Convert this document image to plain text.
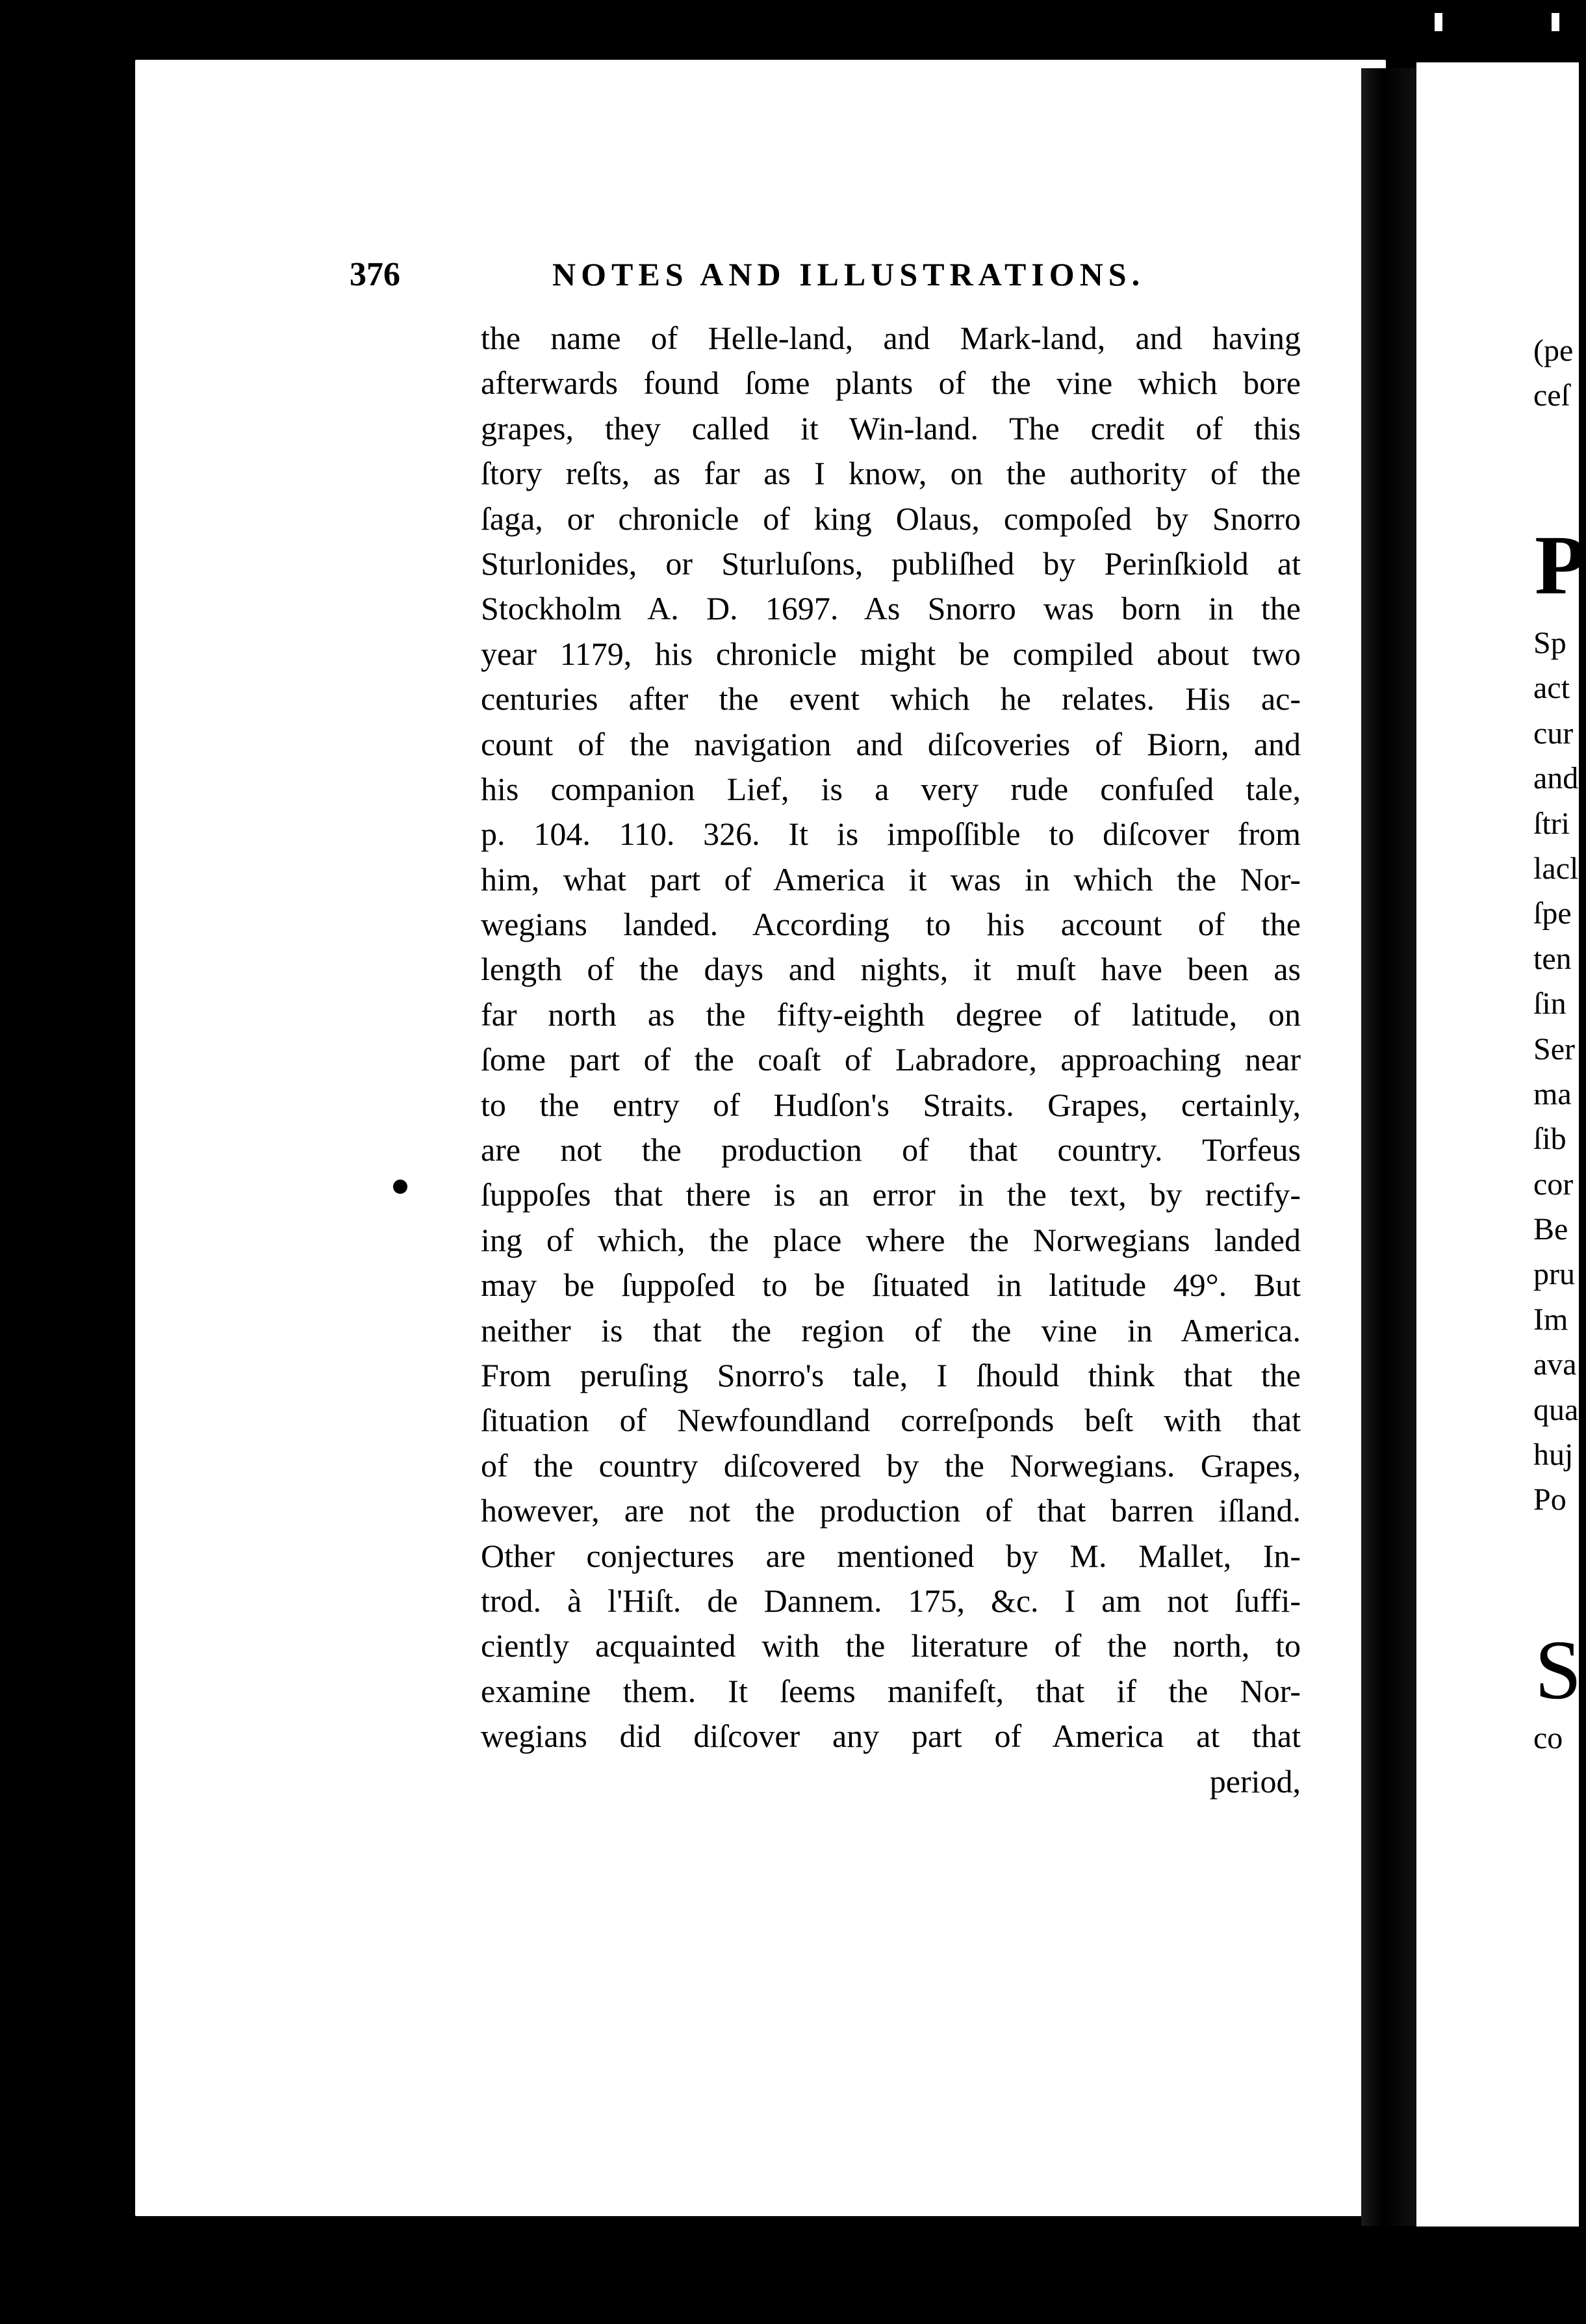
376	NOTES AND ILLUSTRATIONS.
the name of Helle-land, and Mark-land, and having
afterwards found ſome plants of the vine which bore
grapes, they called it Win-land. The credit of this
ſtory reſts, as far as I know, on the authority of the
ſaga, or chronicle of king Olaus, compoſed by Snorro
Sturlonides, or Sturluſons, publiſhed by Perinſkiold at
Stockholm A. D. 1697. As Snorro was born in the
year 1179, his chronicle might be compiled about two
centuries after the event which he relates. His ac-
count of the navigation and diſcoveries of Biorn, and
his companion Lief, is a very rude confuſed tale,
p. 104. 110. 326. It is impoſſible to diſcover from
him, what part of America it was in which the Nor-
wegians landed. According to his account of the
length of the days and nights, it muſt have been as
far north as the fifty-eighth degree of latitude, on
ſome part of the coaſt of Labradore, approaching near
to the entry of Hudſon's Straits. Grapes, certainly,
are not the production of that country. Torfeus
ſuppoſes that there is an error in the text, by rectify-
ing of which, the place where the Norwegians landed
may be ſuppoſed to be ſituated in latitude 49°. But
neither is that the region of the vine in America.
From peruſing Snorro's tale, I ſhould think that the
ſituation of Newfoundland correſponds beſt with that
of the country diſcovered by the Norwegians. Grapes,
however, are not the production of that barren iſland.
Other conjectures are mentioned by M. Mallet, In-
trod. à l'Hiſt. de Dannem. 175, &c. I am not ſuffi-
ciently acquainted with the literature of the north, to
examine them. It ſeems manifeſt, that if the Nor-
wegians did diſcover any part of America at that
period,
(pe
ceſ
P
Sp
act
cur
and
ſtri
lacl
ſpe
ten
ſin
Ser
ma
ſib
cor
Be
pru
Im
ava
qua
huj
Po
S
co
